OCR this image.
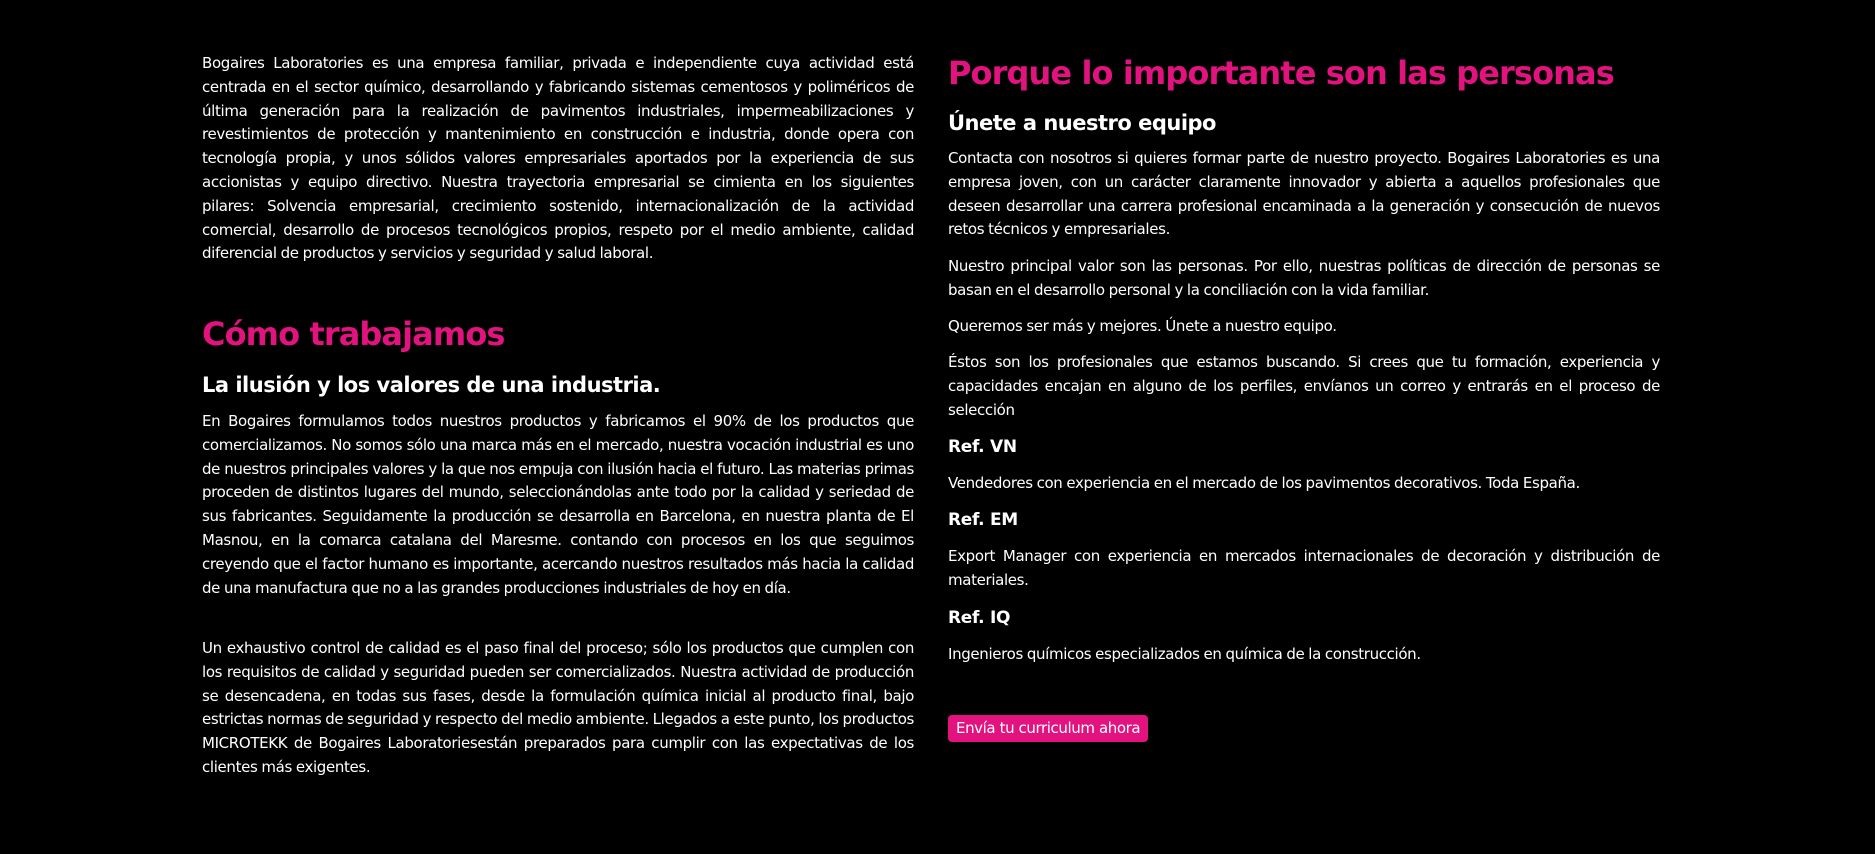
Bogaires Laboratories es una empresa familiar, privada e independiente cuya actividad está centrada en el sector químico, desarrollando y fabricando sistemas cementosos y poliméricos de última generación para la realización de pavimentos industriales, impermeabilizaciones y revestimientos de protección y mantenimiento en construcción e industria, donde opera con tecnología propia, y unos sólidos valores empresariales aportados por la experiencia de sus accionistas y equipo directivo. Nuestra trayectoria empresarial se cimienta en los siguientes pilares: Solvencia empresarial, crecimiento sostenido, internacionalización de la actividad comercial, desarrollo de procesos tecnológicos propios, respeto por el medio ambiente, calidad diferencial de productos y servicios y seguridad y salud laboral.

Cómo trabajamos
La ilusión y los valores de una industria.

En Bogaires formulamos todos nuestros productos y fabricamos el 90% de los productos que comercializamos. No somos sólo una marca más en el mercado, nuestra vocación industrial es uno de nuestros principales valores y la que nos empuja con ilusión hacia el futuro. Las materias primas proceden de distintos lugares del mundo, seleccionándolas ante todo por la calidad y seriedad de sus fabricantes. Seguidamente la producción se desarrolla en Barcelona, en nuestra planta de El Masnou, en la comarca catalana del Maresme. contando con procesos en los que seguimos creyendo que el factor humano es importante, acercando nuestros resultados más hacia la calidad de una manufactura que no a las grandes producciones industriales de hoy en día.

Un exhaustivo control de calidad es el paso final del proceso; sólo los productos que cumplen con los requisitos de calidad y seguridad pueden ser comercializados. Nuestra actividad de producción se desencadena, en todas sus fases, desde la formulación química inicial al producto final, bajo estrictas normas de seguridad y respecto del medio ambiente. Llegados a este punto, los productos MICROTEKK de Bogaires Laboratoriesestán preparados para cumplir con las expectativas de los clientes más exigentes.

Porque lo importante son las personas
Únete a nuestro equipo

Contacta con nosotros si quieres formar parte de nuestro proyecto. Bogaires Laboratories es una empresa joven, con un carácter claramente innovador y abierta a aquellos profesionales que deseen desarrollar una carrera profesional encaminada a la generación y consecución de nuevos retos técnicos y empresariales.

Nuestro principal valor son las personas. Por ello, nuestras políticas de dirección de personas se basan en el desarrollo personal y la conciliación con la vida familiar.

Queremos ser más y mejores. Únete a nuestro equipo.

Éstos son los profesionales que estamos buscando. Si crees que tu formación, experiencia y capacidades encajan en alguno de los perfiles, envíanos un correo y entrarás en el proceso de selección

Ref. VN

Vendedores con experiencia en el mercado de los pavimentos decorativos. Toda España.

Ref. EM

Export Manager con experiencia en mercados internacionales de decoración y distribución de materiales.

Ref. IQ

Ingenieros químicos especializados en química de la construcción.

Envía tu curriculum ahora
